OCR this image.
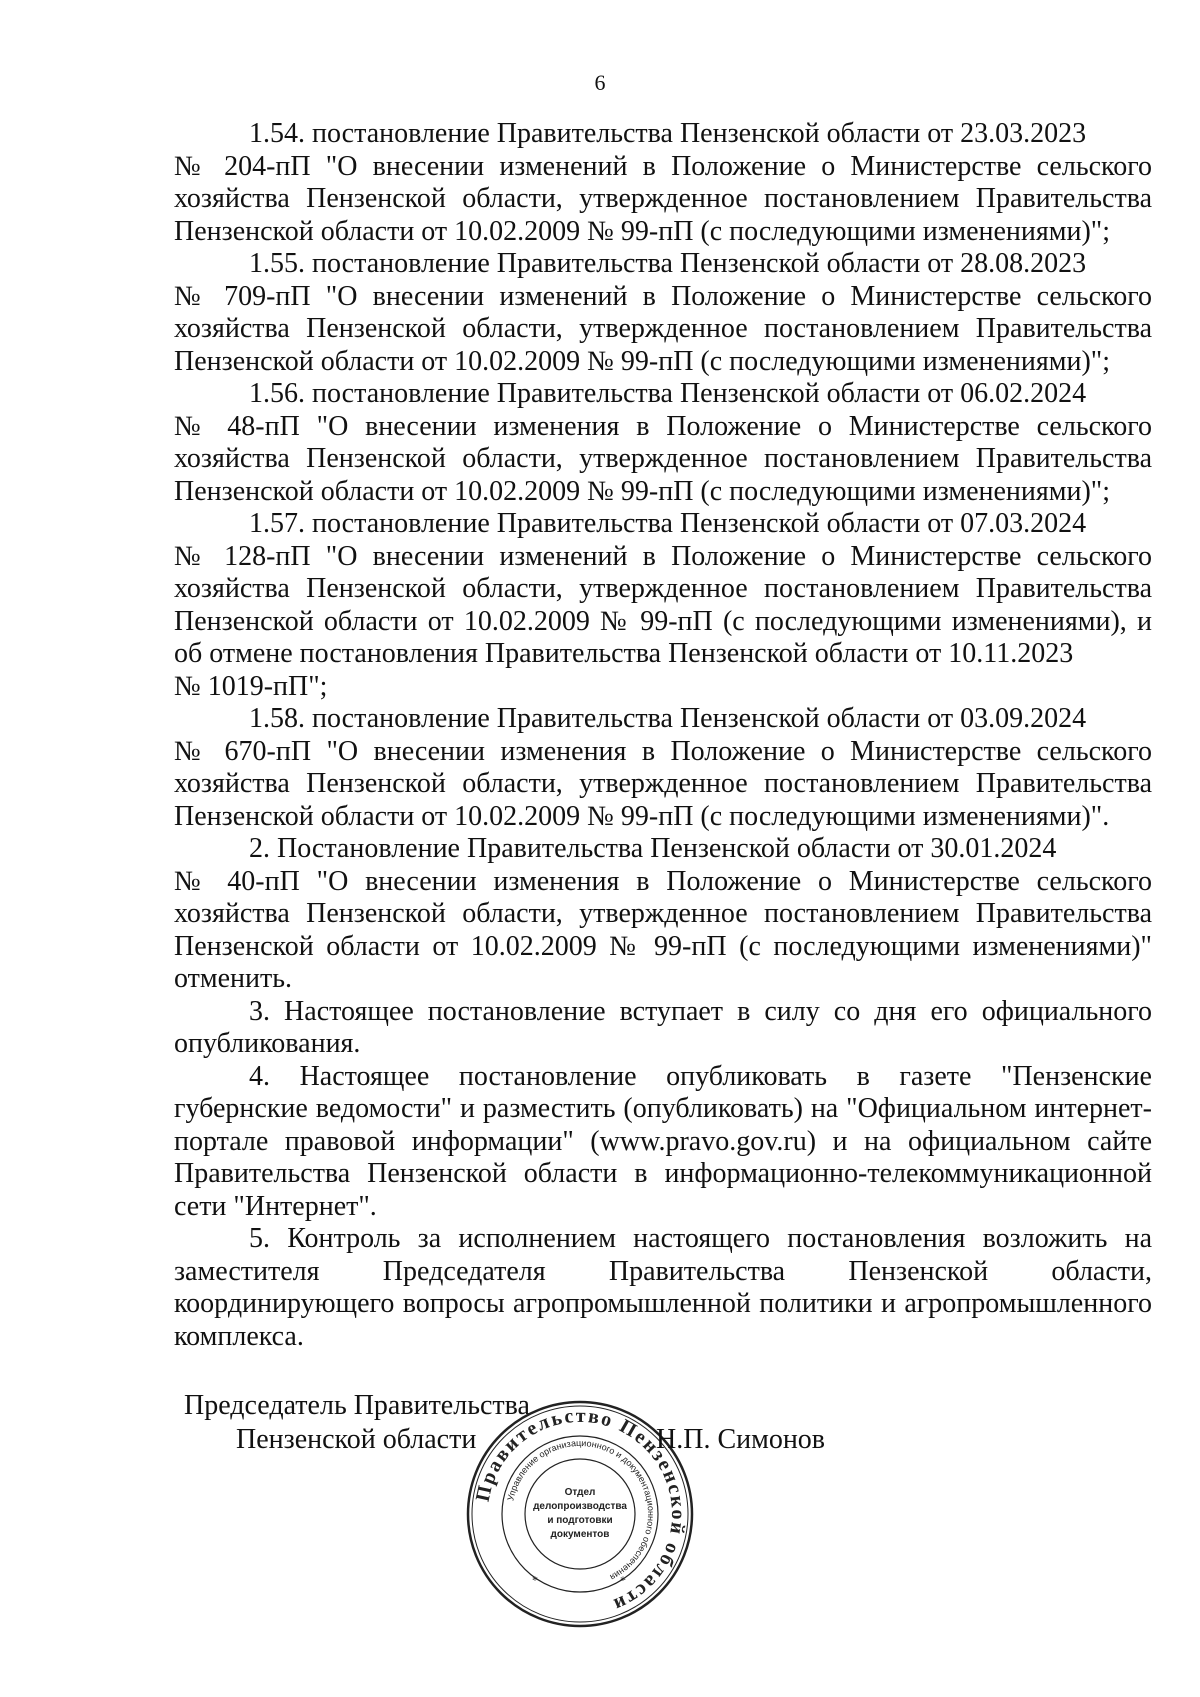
6

1.54. постановление Правительства Пензенской области от 23.03.2023
№ 204-пП "О внесении изменений в Положение о Министерстве сельского хозяйства Пензенской области, утвержденное постановлением Правительства Пензенской области от 10.02.2009 № 99-пП (с последующими изменениями)";

1.55. постановление Правительства Пензенской области от 28.08.2023
№ 709-пП "О внесении изменений в Положение о Министерстве сельского хозяйства Пензенской области, утвержденное постановлением Правительства Пензенской области от 10.02.2009 № 99-пП (с последующими изменениями)";

1.56. постановление Правительства Пензенской области от 06.02.2024
№ 48-пП "О внесении изменения в Положение о Министерстве сельского хозяйства Пензенской области, утвержденное постановлением Правительства Пензенской области от 10.02.2009 № 99-пП (с последующими изменениями)";

1.57. постановление Правительства Пензенской области от 07.03.2024
№ 128-пП "О внесении изменений в Положение о Министерстве сельского хозяйства Пензенской области, утвержденное постановлением Правительства Пензенской области от 10.02.2009 № 99-пП (с последующими изменениями), и об отмене постановления Правительства Пензенской области от 10.11.2023
№ 1019-пП";

1.58. постановление Правительства Пензенской области от 03.09.2024
№ 670-пП "О внесении изменения в Положение о Министерстве сельского хозяйства Пензенской области, утвержденное постановлением Правительства Пензенской области от 10.02.2009 № 99-пП (с последующими изменениями)".

2. Постановление Правительства Пензенской области от 30.01.2024
№ 40-пП "О внесении изменения в Положение о Министерстве сельского хозяйства Пензенской области, утвержденное постановлением Правительства Пензенской области от 10.02.2009 № 99-пП (с последующими изменениями)" отменить.

3. Настоящее постановление вступает в силу со дня его официального опубликования.

4. Настоящее постановление опубликовать в газете "Пензенские губернские ведомости" и разместить (опубликовать) на "Официальном интернет-портале правовой информации" (www.pravo.gov.ru) и на официальном сайте Правительства Пензенской области в информационно-телекоммуникационной сети "Интернет".

5. Контроль за исполнением настоящего постановления возложить на заместителя Председателя Правительства Пензенской области, координирующего вопросы агропромышленной политики и агропромышленного комплекса.

Председатель Правительства
Пензенской области
Правительство Пензенской области
Управление организационного и документационного обеспечения
Отдел
делопроизводства
и подготовки
документов
*	*
Н.П. Симонов
